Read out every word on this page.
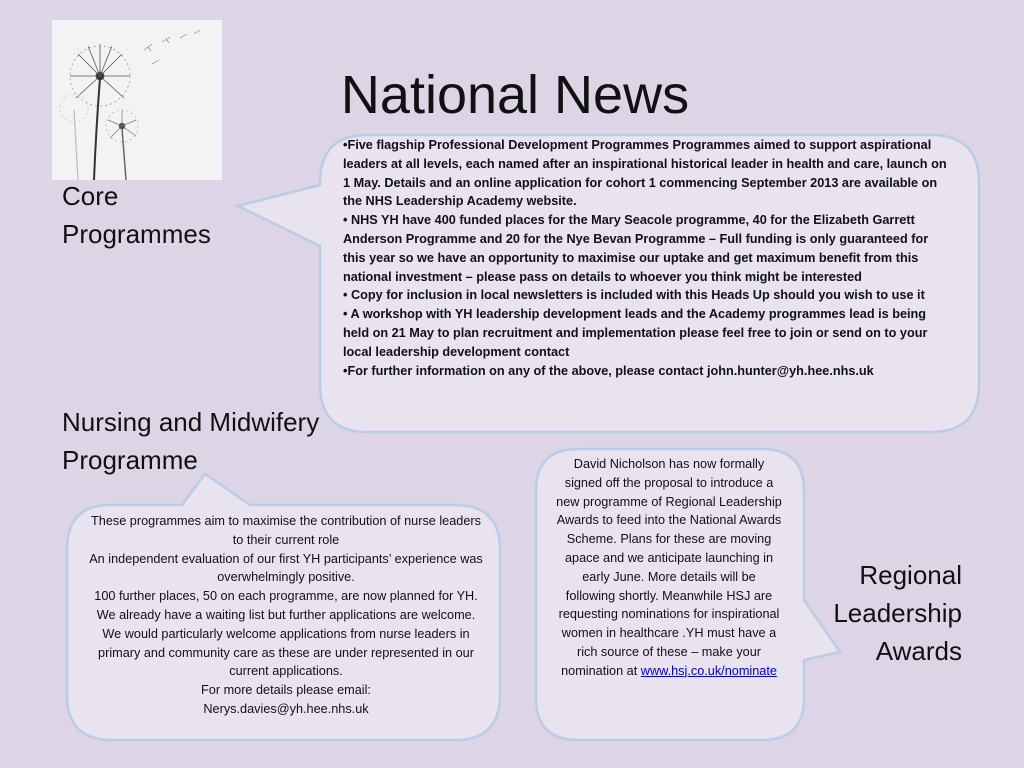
National News
Core Programmes
Nursing and Midwifery Programme
Regional Leadership Awards

•Five flagship Professional Development Programmes Programmes aimed to support aspirational leaders at all levels, each named after an inspirational historical leader in health and care, launch on 1 May. Details and an online application for cohort 1 commencing September 2013 are available on the NHS Leadership Academy website.

• NHS YH have 400 funded places for the Mary Seacole programme, 40 for the Elizabeth Garrett Anderson Programme and 20 for the Nye Bevan Programme – Full funding is only guaranteed for this year so we have an opportunity to maximise our uptake and get maximum benefit from this national investment – please pass on details to whoever you think might be interested

• Copy for inclusion in local newsletters is included with this Heads Up should you wish to use it

• A workshop with YH leadership development leads and the Academy programmes lead is being held on 21 May to plan recruitment and implementation please feel free to join or send on to your local leadership development contact

•For further information on any of the above, please contact john.hunter@yh.hee.nhs.uk

These programmes aim to maximise the contribution of nurse leaders to their current role

An independent evaluation of our first YH participants’ experience was overwhelmingly positive.

100 further places, 50 on each programme, are now planned for YH. We already have a waiting list but further applications are welcome.

We would particularly welcome applications from nurse leaders in primary and community care as these are under represented in our current applications.

For more details please email:

Nerys.davies@yh.hee.nhs.uk

David Nicholson has now formally signed off the proposal to introduce a new programme of Regional Leadership Awards to feed into the National Awards Scheme. Plans for these are moving apace and we anticipate launching in early June. More details will be following shortly. Meanwhile HSJ are requesting nominations for inspirational women in healthcare .YH must have a rich source of these – make your nomination at www.hsj.co.uk/nominate
